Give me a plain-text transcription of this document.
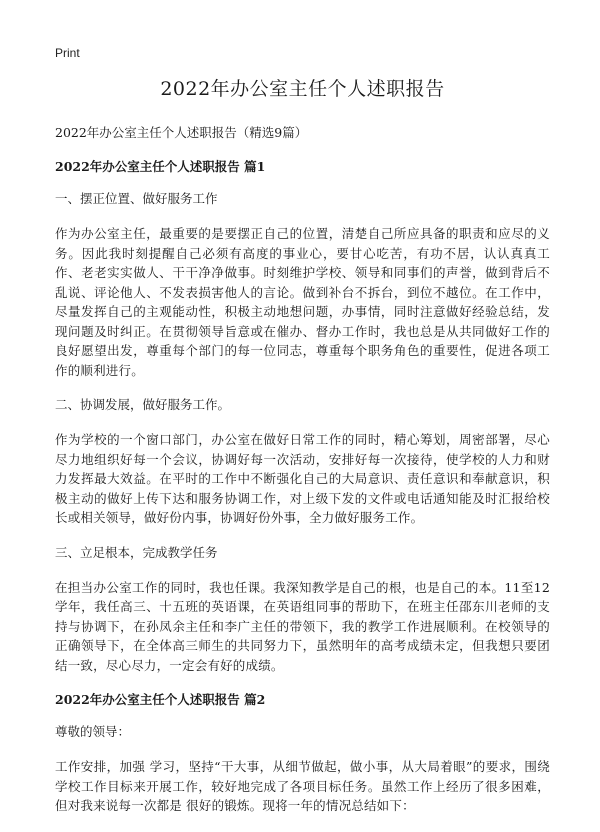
Print
2022年办公室主任个人述职报告

2022年办公室主任个人述职报告（精选9篇）

2022年办公室主任个人述职报告 篇1

一、摆正位置、做好服务工作

作为办公室主任，最重要的是要摆正自己的位置，清楚自己所应具备的职责和应尽的义务。因此我时刻提醒自己必须有高度的事业心，要甘心吃苦，有功不居，认认真真工作、老老实实做人、干干净净做事。时刻维护学校、领导和同事们的声誉，做到背后不乱说、评论他人、不发表损害他人的言论。做到补台不拆台，到位不越位。在工作中，尽量发挥自己的主观能动性，积极主动地想问题，办事情，同时注意做好经验总结，发现问题及时纠正。在贯彻领导旨意或在催办、督办工作时，我也总是从共同做好工作的良好愿望出发，尊重每个部门的每一位同志，尊重每个职务角色的重要性，促进各项工作的顺利进行。

二、协调发展，做好服务工作。

作为学校的一个窗口部门，办公室在做好日常工作的同时，精心筹划，周密部署，尽心尽力地组织好每一个会议，协调好每一次活动，安排好每一次接待，使学校的人力和财力发挥最大效益。在平时的工作中不断强化自己的大局意识、责任意识和奉献意识，积极主动的做好上传下达和服务协调工作，对上级下发的文件或电话通知能及时汇报给校长或相关领导，做好份内事，协调好份外事，全力做好服务工作。

三、立足根本，完成教学任务

在担当办公室工作的同时，我也任课。我深知教学是自己的根，也是自己的本。11至12学年，我任高三、十五班的英语课，在英语组同事的帮助下，在班主任邵东川老师的支持与协调下，在孙凤余主任和李广主任的带领下，我的教学工作进展顺利。在校领导的正确领导下，在全体高三师生的共同努力下，虽然明年的高考成绩未定，但我想只要团结一致，尽心尽力，一定会有好的成绩。

2022年办公室主任个人述职报告 篇2

尊敬的领导：

工作安排，加强 学习，坚持“干大事，从细节做起，做小事，从大局着眼”的要求，围绕学校工作目标来开展工作，较好地完成了各项目标任务。虽然工作上经历了很多困难，但对我来说每一次都是 很好的锻炼。现将一年的情况总结如下：
